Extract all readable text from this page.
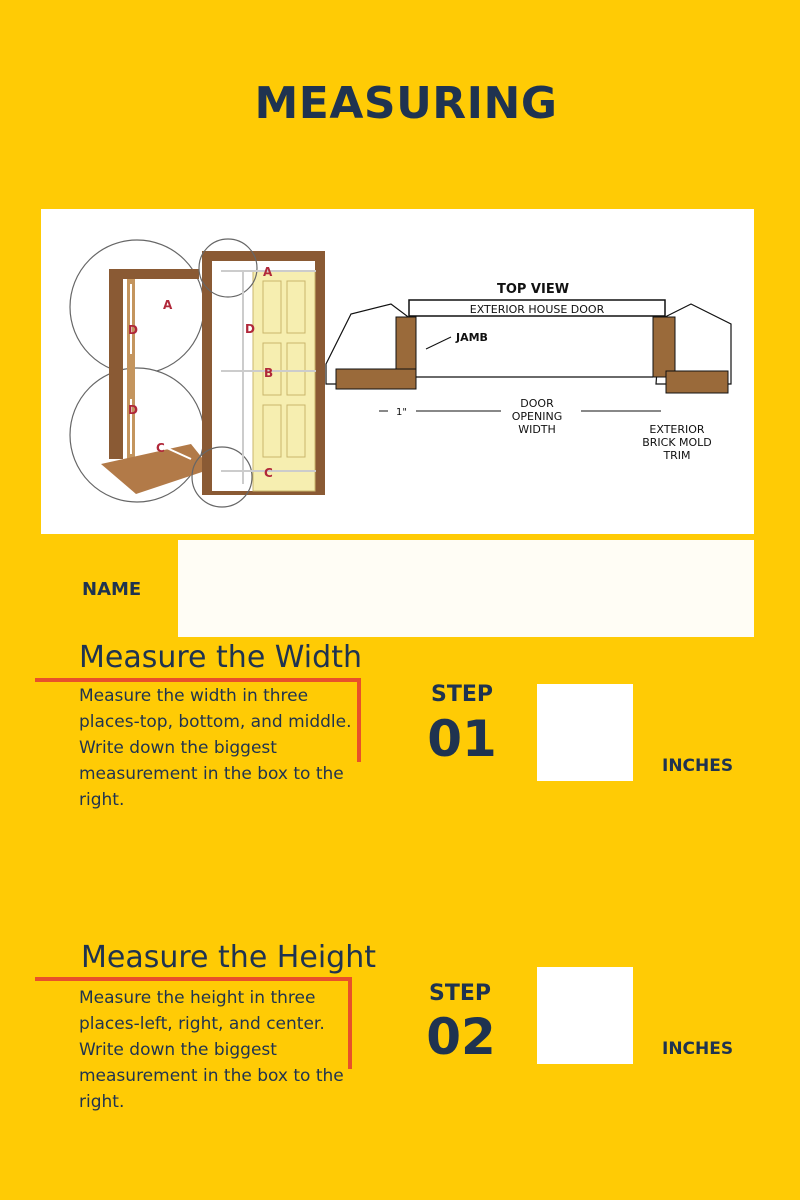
MEASURING
A
D
D
C
A
D
B
C
TOP VIEW
EXTERIOR HOUSE DOOR
JAMB
1"
DOOR
OPENING
WIDTH	EXTERIOR
BRICK MOLD
TRIM
NAME
Measure the Width
Measure the width in three places-top, bottom, and middle. Write down the biggest measurement in the box to the right.
STEP
01	INCHES
Measure the Height
Measure the height in three places-left, right, and center. Write down the biggest measurement in the box to the right.
STEP
02	INCHES
